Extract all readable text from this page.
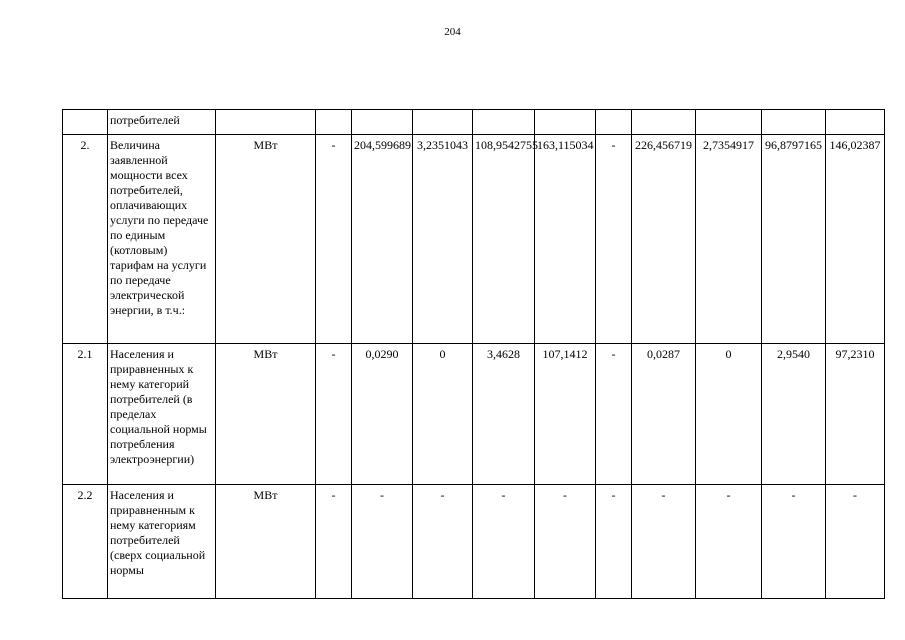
204
	потребителей											
2.	Величина заявленной мощности всех потребителей, оплачивающих услуги по передаче по единым (котловым) тарифам на услуги по передаче электрической энергии, в т.ч.:	МВт	-	204,599689	3,2351043	108,9542755	163,115034	-	226,456719	2,7354917	96,8797165	146,02387
2.1	Населения и приравненных к нему категорий потребителей (в пределах социальной нормы потребления электроэнергии)	МВт	-	0,0290	0	3,4628	107,1412	-	0,0287	0	2,9540	97,2310
2.2	Населения и приравненным к нему категориям потребителей (сверх социальной нормы	МВт	-	-	-	-	-	-	-	-	-	-
